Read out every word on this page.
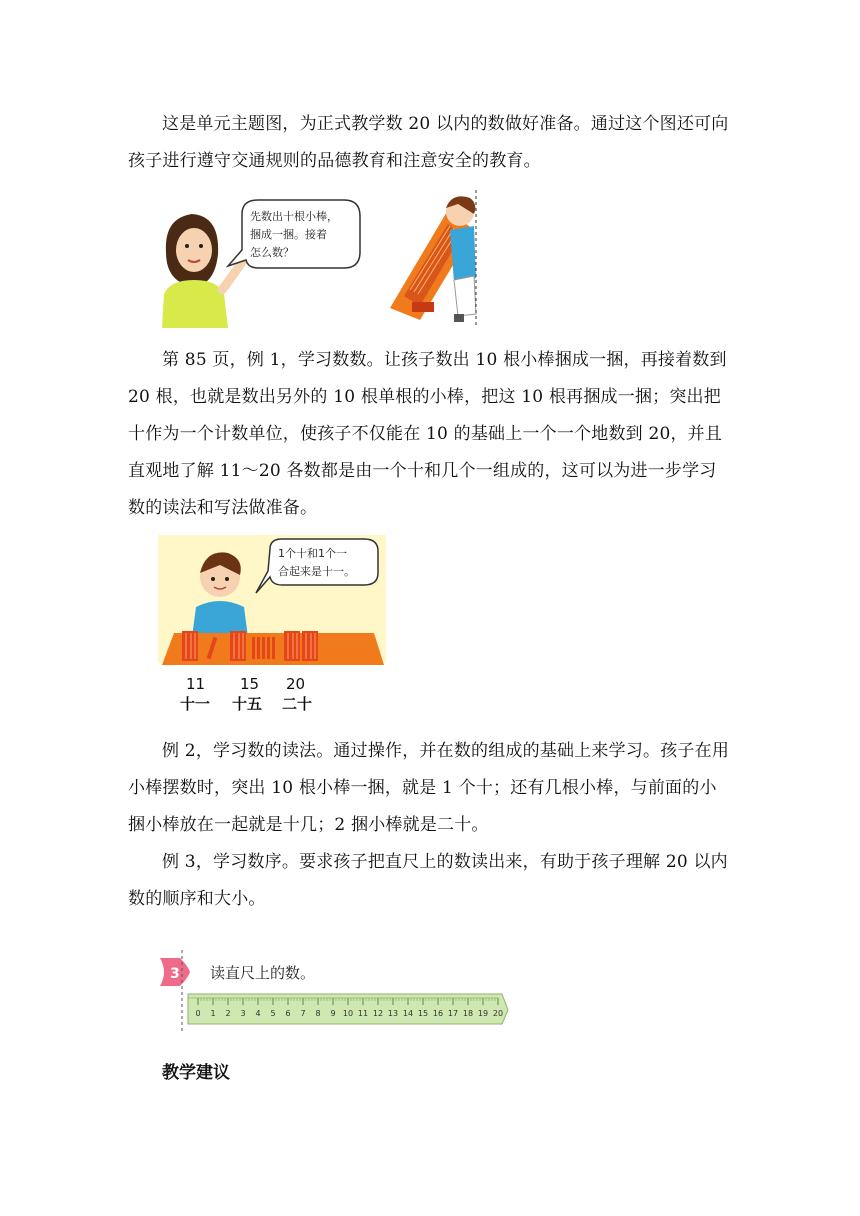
这是单元主题图，为正式教学数 20 以内的数做好准备。通过这个图还可向孩子进行遵守交通规则的品德教育和注意安全的教育。

先数出十根小棒，
捆成一捆。接着
怎么数？

第 85 页，例 1，学习数数。让孩子数出 10 根小棒捆成一捆，再接着数到 20 根，也就是数出另外的 10 根单根的小棒，把这 10 根再捆成一捆；突出把十作为一个计数单位，使孩子不仅能在 10 的基础上一个一个地数到 20，并且直观地了解 11～20 各数都是由一个十和几个一组成的，这可以为进一步学习数的读法和写法做准备。

1个十和1个一
合起来是十一。
11 15 20
十一 十五 二十

例 2，学习数的读法。通过操作，并在数的组成的基础上来学习。孩子在用小棒摆数时，突出 10 根小棒一捆，就是 1 个十；还有几根小棒，与前面的小捆小棒放在一起就是十几；2 捆小棒就是二十。

例 3，学习数序。要求孩子把直尺上的数读出来，有助于孩子理解 20 以内数的顺序和大小。

3 读直尺上的数。
0 1 2 3 4 5 6 7 8 9 10 11 12 13 14 15 16 17 18 19 20

教学建议
